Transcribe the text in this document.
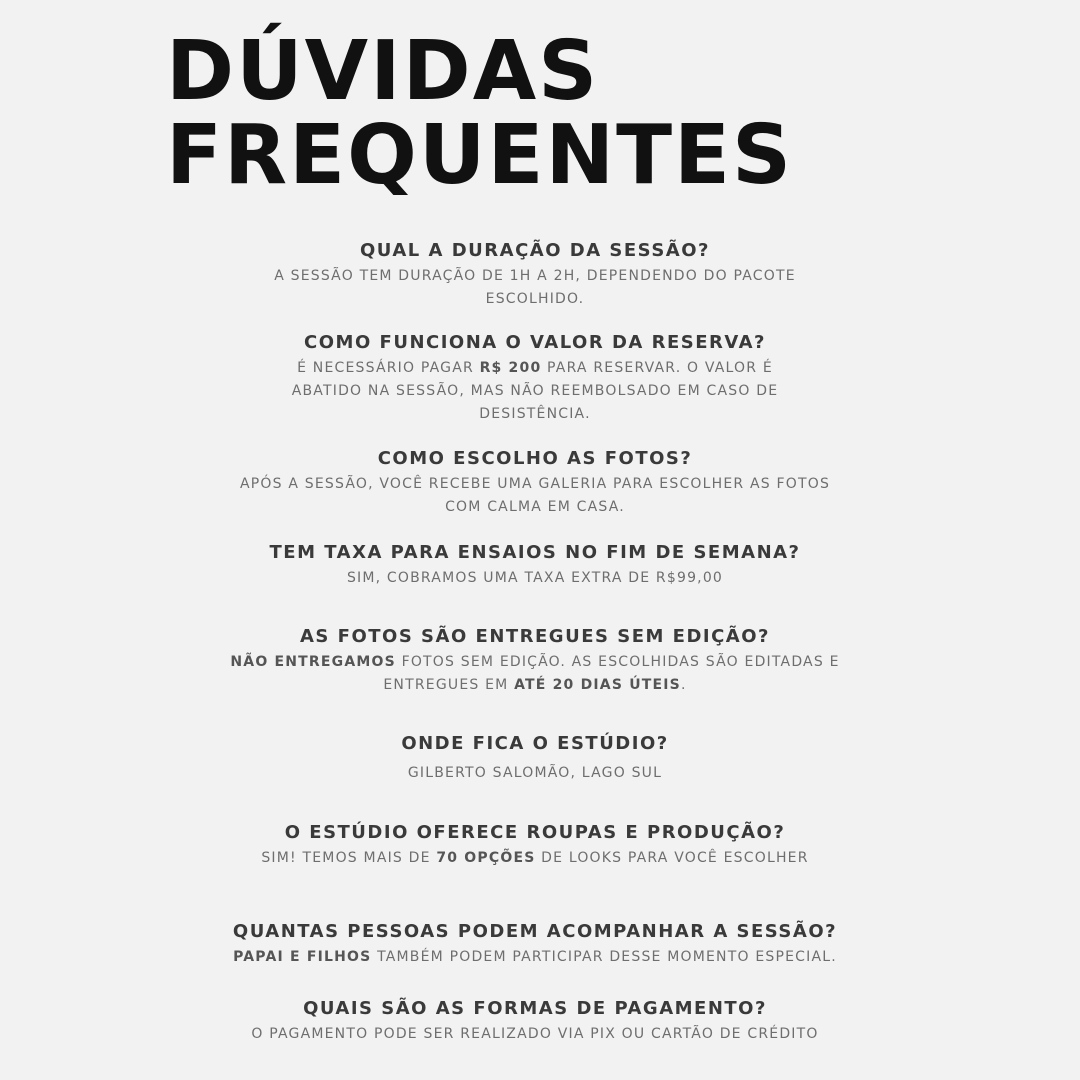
DÚVIDAS
FREQUENTES
QUAL A DURAÇÃO DA SESSÃO?

A SESSÃO TEM DURAÇÃO DE 1H A 2H, DEPENDENDO DO PACOTE ESCOLHIDO.

COMO FUNCIONA O VALOR DA RESERVA?

É NECESSÁRIO PAGAR R$ 200 PARA RESERVAR. O VALOR É ABATIDO NA SESSÃO, MAS NÃO REEMBOLSADO EM CASO DE DESISTÊNCIA.

COMO ESCOLHO AS FOTOS?

APÓS A SESSÃO, VOCÊ RECEBE UMA GALERIA PARA ESCOLHER AS FOTOS COM CALMA EM CASA.

TEM TAXA PARA ENSAIOS NO FIM DE SEMANA?

SIM, COBRAMOS UMA TAXA EXTRA DE R$99,00

AS FOTOS SÃO ENTREGUES SEM EDIÇÃO?

NÃO ENTREGAMOS FOTOS SEM EDIÇÃO. AS ESCOLHIDAS SÃO EDITADAS E ENTREGUES EM ATÉ 20 DIAS ÚTEIS.

ONDE FICA O ESTÚDIO?

GILBERTO SALOMÃO, LAGO SUL

O ESTÚDIO OFERECE ROUPAS E PRODUÇÃO?

SIM! TEMOS MAIS DE 70 OPÇÕES DE LOOKS PARA VOCÊ ESCOLHER

QUANTAS PESSOAS PODEM ACOMPANHAR A SESSÃO?

PAPAI E FILHOS TAMBÉM PODEM PARTICIPAR DESSE MOMENTO ESPECIAL.

QUAIS SÃO AS FORMAS DE PAGAMENTO?

O PAGAMENTO PODE SER REALIZADO VIA PIX OU CARTÃO DE CRÉDITO
